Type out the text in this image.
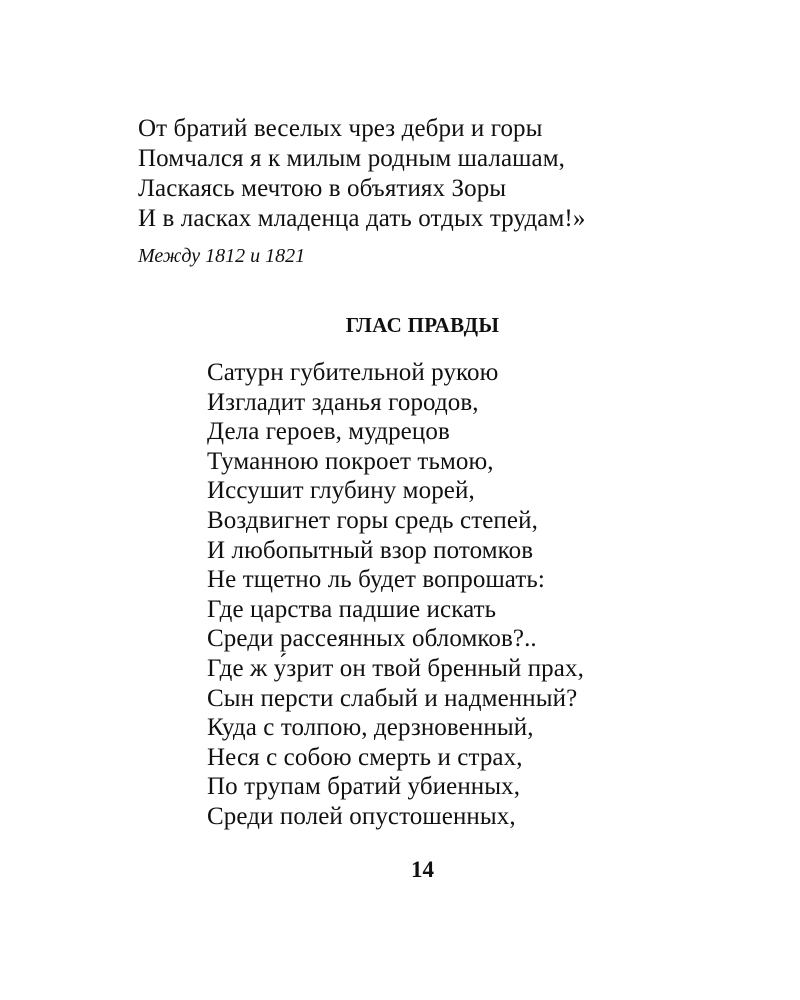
От братий веселых чрез дебри и горы
Помчался я к милым родным шалашам,
Ласкаясь мечтою в объятиях Зоры
И в ласках младенца дать отдых трудам!»
Между 1812 и 1821
ГЛАС ПРАВДЫ
Сатурн губительной рукою
Изгладит зданья городов,
Дела героев, мудрецов
Туманною покроет тьмою,
Иссушит глубину морей,
Воздвигнет горы средь степей,
И любопытный взор потомков
Не тщетно ль будет вопрошать:
Где царства падшие искать
Среди рассеянных обломков?..
Где ж у́зрит он твой бренный прах,
Сын персти слабый и надменный?
Куда с толпою, дерзновенный,
Неся с собою смерть и страх,
По трупам братий убиенных,
Среди полей опустошенных,
14
